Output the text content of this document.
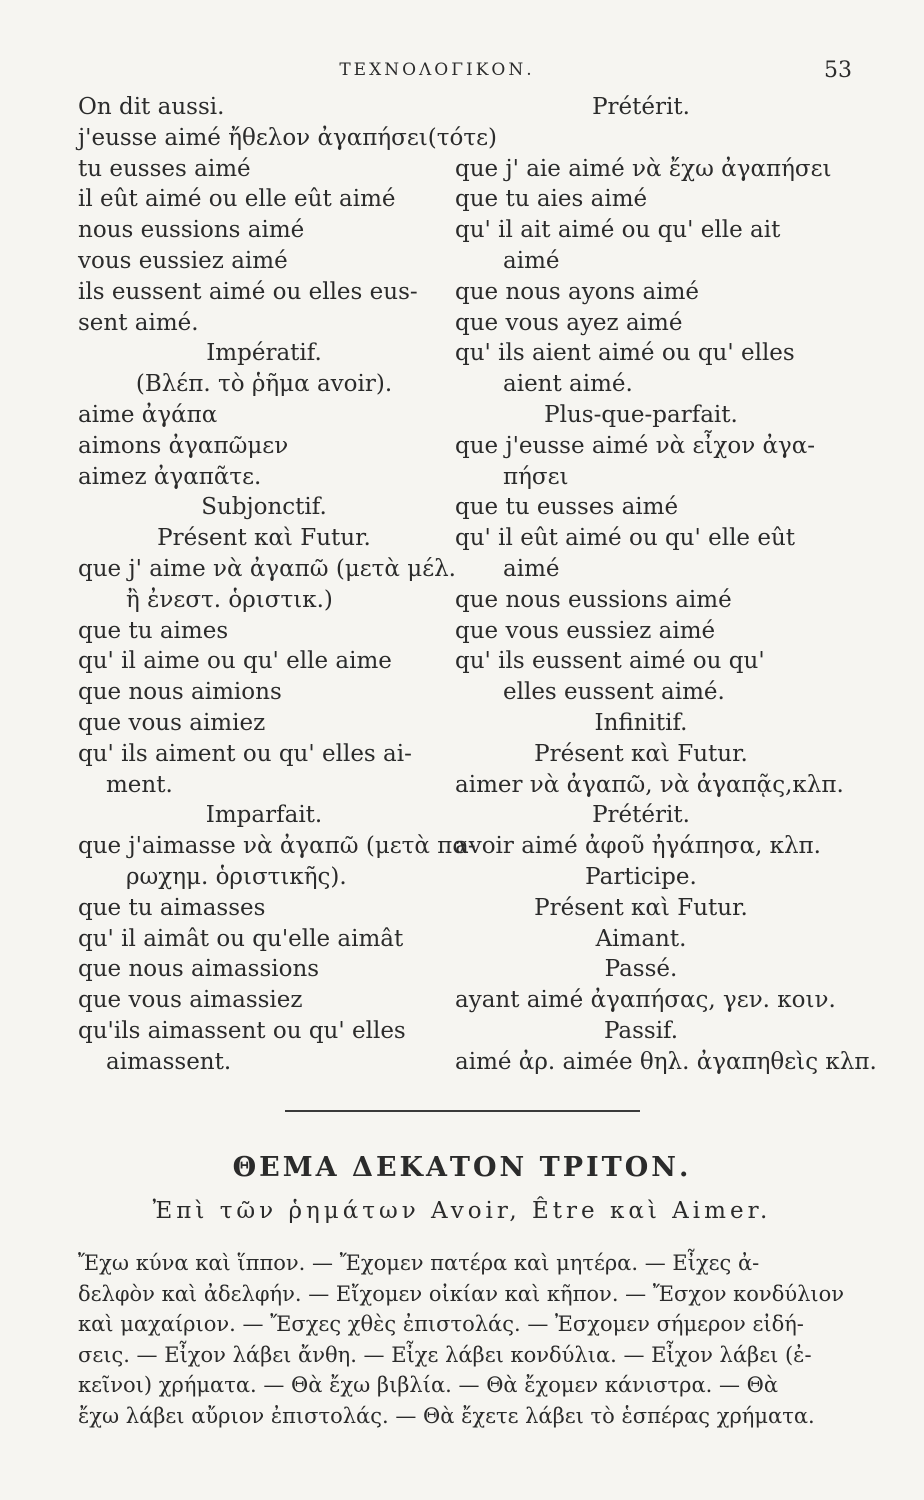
ΤΕΧΝΟΛΟΓΙΚΟΝ.	53
On dit aussi.
j'eusse aimé ἤθελον ἀγαπήσει(τότε)
tu eusses aimé
il eût aimé ou elle eût aimé
nous eussions aimé
vous eussiez aimé
ils eussent aimé ou elles eus-
sent aimé.
Impératif.
(Βλέπ. τὸ ῥῆμα avoir).
aime ἀγάπα
aimons ἀγαπῶμεν
aimez ἀγαπᾶτε.
Subjonctif.
Présent καὶ Futur.
que j' aime νὰ ἀγαπῶ (μετὰ μέλ.
ἢ ἐνεστ. ὁριστικ.)
que tu aimes
qu' il aime ou qu' elle aime
que nous aimions
que vous aimiez
qu' ils aiment ou qu' elles ai-
ment.
Imparfait.
que j'aimasse νὰ ἀγαπῶ (μετὰ πα-
ρωχημ. ὁριστικῆς).
que tu aimasses
qu' il aimât ou qu'elle aimât
que nous aimassions
que vous aimassiez
qu'ils aimassent ou qu' elles
aimassent.
Prétérit.
que j' aie aimé νὰ ἔχω ἀγαπήσει
que tu aies aimé
qu' il ait aimé ou qu' elle ait
aimé
que nous ayons aimé
que vous ayez aimé
qu' ils aient aimé ou qu' elles
aient aimé.
Plus-que-parfait.
que j'eusse aimé νὰ εἶχον ἀγα-
πήσει
que tu eusses aimé
qu' il eût aimé ou qu' elle eût
aimé
que nous eussions aimé
que vous eussiez aimé
qu' ils eussent aimé ou qu'
elles eussent aimé.
Infinitif.
Présent καὶ Futur.
aimer νὰ ἀγαπῶ, νὰ ἀγαπᾷς,κλπ.
Prétérit.
avoir aimé ἀφοῦ ἠγάπησα, κλπ.
Participe.
Présent καὶ Futur.
Aimant.
Passé.
ayant aimé ἀγαπήσας, γεν. κοιν.
Passif.
aimé ἀρ. aimée θηλ. ἀγαπηθεὶς κλπ.
ΘΕΜΑ ΔΕΚΑΤΟΝ ΤΡΙΤΟΝ.
Ἐπὶ τῶν ῥημάτων Avoir, Être καὶ Aimer.
Ἔχω κύνα καὶ ἵππον. — Ἔχομεν πατέρα καὶ μητέρα. — Εἶχες ἀ-
δελφὸν καὶ ἀδελφήν. — Εἴχομεν οἰκίαν καὶ κῆπον. — Ἔσχον κονδύλιον
καὶ μαχαίριον. — Ἔσχες χθὲς ἐπιστολάς. — Ἐσχομεν σήμερον εἰδή-
σεις. — Εἶχον λάβει ἄνθη. — Εἶχε λάβει κονδύλια. — Εἶχον λάβει (ἐ-
κεῖνοι) χρήματα. — Θὰ ἔχω βιβλία. — Θὰ ἔχομεν κάνιστρα. — Θὰ
ἔχω λάβει αὔριον ἐπιστολάς. — Θὰ ἔχετε λάβει τὸ ἑσπέρας χρήματα.
